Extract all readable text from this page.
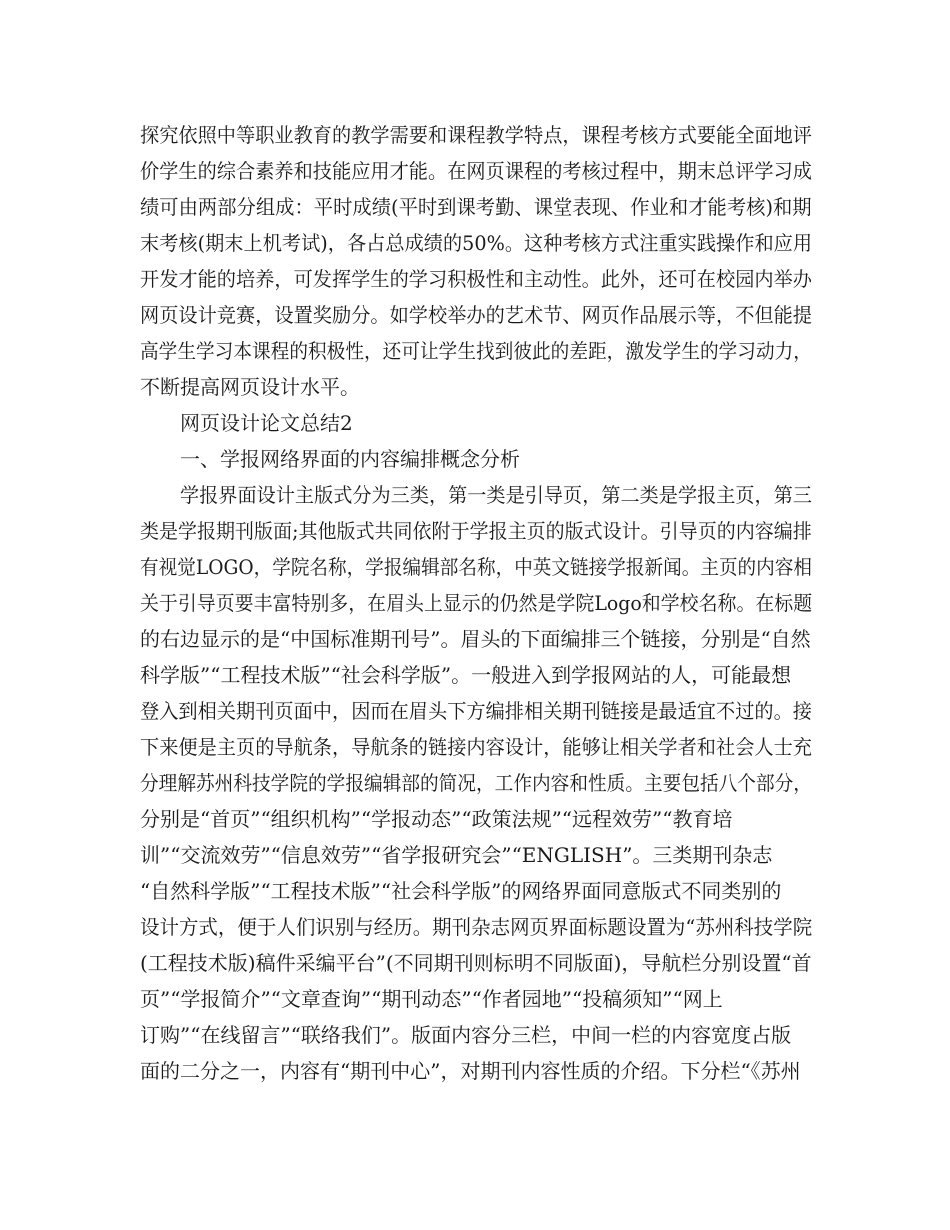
探究依照中等职业教育的教学需要和课程教学特点，课程考核方式要能全面地评
价学生的综合素养和技能应用才能。在网页课程的考核过程中，期末总评学习成
绩可由两部分组成：平时成绩(平时到课考勤、课堂表现、作业和才能考核)和期
末考核(期末上机考试)，各占总成绩的50%。这种考核方式注重实践操作和应用
开发才能的培养，可发挥学生的学习积极性和主动性。此外，还可在校园内举办
网页设计竞赛，设置奖励分。如学校举办的艺术节、网页作品展示等，不但能提
高学生学习本课程的积极性，还可让学生找到彼此的差距，激发学生的学习动力，
不断提高网页设计水平。
网页设计论文总结2
一、学报网络界面的内容编排概念分析
学报界面设计主版式分为三类，第一类是引导页，第二类是学报主页，第三
类是学报期刊版面;其他版式共同依附于学报主页的版式设计。引导页的内容编排
有视觉LOGO，学院名称，学报编辑部名称，中英文链接学报新闻。主页的内容相
关于引导页要丰富特别多，在眉头上显示的仍然是学院Logo和学校名称。在标题
的右边显示的是“中国标准期刊号”。眉头的下面编排三个链接，分别是“自然
科学版”“工程技术版”“社会科学版”。一般进入到学报网站的人，可能最想
登入到相关期刊页面中，因而在眉头下方编排相关期刊链接是最适宜不过的。接
下来便是主页的导航条，导航条的链接内容设计，能够让相关学者和社会人士充
分理解苏州科技学院的学报编辑部的简况，工作内容和性质。主要包括八个部分，
分别是“首页”“组织机构”“学报动态”“政策法规”“远程效劳”“教育培
训”“交流效劳”“信息效劳”“省学报研究会”“ENGLISH”。三类期刊杂志
“自然科学版”“工程技术版”“社会科学版”的网络界面同意版式不同类别的
设计方式，便于人们识别与经历。期刊杂志网页界面标题设置为“苏州科技学院
(工程技术版)稿件采编平台”(不同期刊则标明不同版面)，导航栏分别设置“首
页”“学报简介”“文章查询”“期刊动态”“作者园地”“投稿须知”“网上
订购”“在线留言”“联络我们”。版面内容分三栏，中间一栏的内容宽度占版
面的二分之一，内容有“期刊中心”，对期刊内容性质的介绍。下分栏“《苏州
